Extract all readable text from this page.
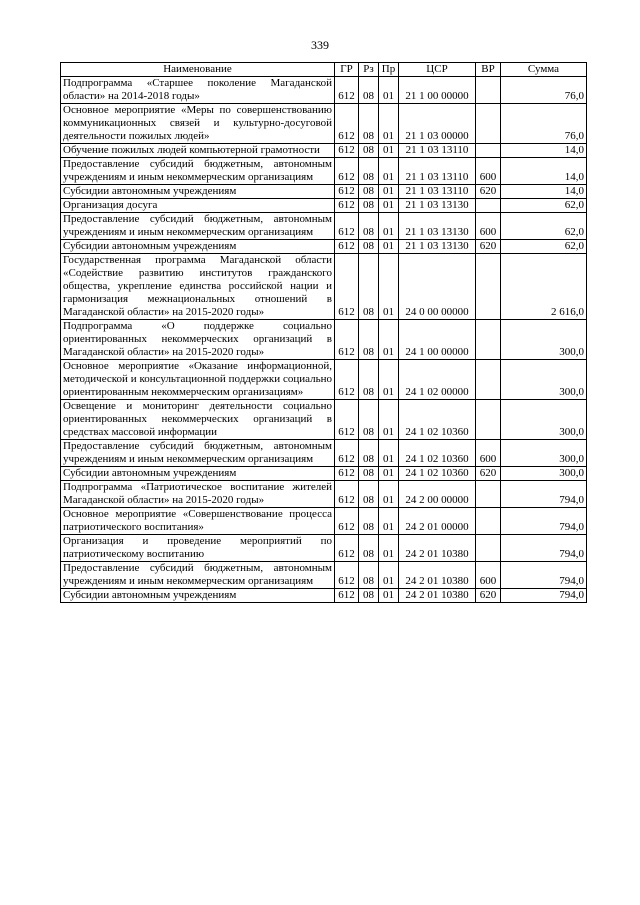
339
Наименование	ГР	Рз	Пр	ЦСР	ВР	Сумма
Подпрограмма «Старшее поколение Магаданской области» на 2014-2018 годы»	612	08	01	21 1 00 00000		76,0
Основное мероприятие «Меры по совершенствованию коммуникационных связей и культурно-досуговой деятельности пожилых людей»	612	08	01	21 1 03 00000		76,0
Обучение пожилых людей компьютерной грамотности	612	08	01	21 1 03 13110		14,0
Предоставление субсидий бюджетным, автономным учреждениям и иным некоммерческим организациям	612	08	01	21 1 03 13110	600	14,0
Субсидии автономным учреждениям	612	08	01	21 1 03 13110	620	14,0
Организация досуга	612	08	01	21 1 03 13130		62,0
Предоставление субсидий бюджетным, автономным учреждениям и иным некоммерческим организациям	612	08	01	21 1 03 13130	600	62,0
Субсидии автономным учреждениям	612	08	01	21 1 03 13130	620	62,0
Государственная программа Магаданской области «Содействие развитию институтов гражданского общества, укрепление единства российской нации и гармонизация межнациональных отношений в Магаданской области» на 2015-2020 годы»	612	08	01	24 0 00 00000		2 616,0
Подпрограмма «О поддержке социально ориентированных некоммерческих организаций в Магаданской области» на 2015-2020 годы»	612	08	01	24 1 00 00000		300,0
Основное мероприятие «Оказание информационной, методической и консультационной поддержки социально ориентированным некоммерческим организациям»	612	08	01	24 1 02 00000		300,0
Освещение и мониторинг деятельности социально ориентированных некоммерческих организаций в средствах массовой информации	612	08	01	24 1 02 10360		300,0
Предоставление субсидий бюджетным, автономным учреждениям и иным некоммерческим организациям	612	08	01	24 1 02 10360	600	300,0
Субсидии автономным учреждениям	612	08	01	24 1 02 10360	620	300,0
Подпрограмма «Патриотическое воспитание жителей Магаданской области» на 2015-2020 годы»	612	08	01	24 2 00 00000		794,0
Основное мероприятие «Совершенствование процесса патриотического воспитания»	612	08	01	24 2 01 00000		794,0
Организация и проведение мероприятий по патриотическому воспитанию	612	08	01	24 2 01 10380		794,0
Предоставление субсидий бюджетным, автономным учреждениям и иным некоммерческим организациям	612	08	01	24 2 01 10380	600	794,0
Субсидии автономным учреждениям	612	08	01	24 2 01 10380	620	794,0
